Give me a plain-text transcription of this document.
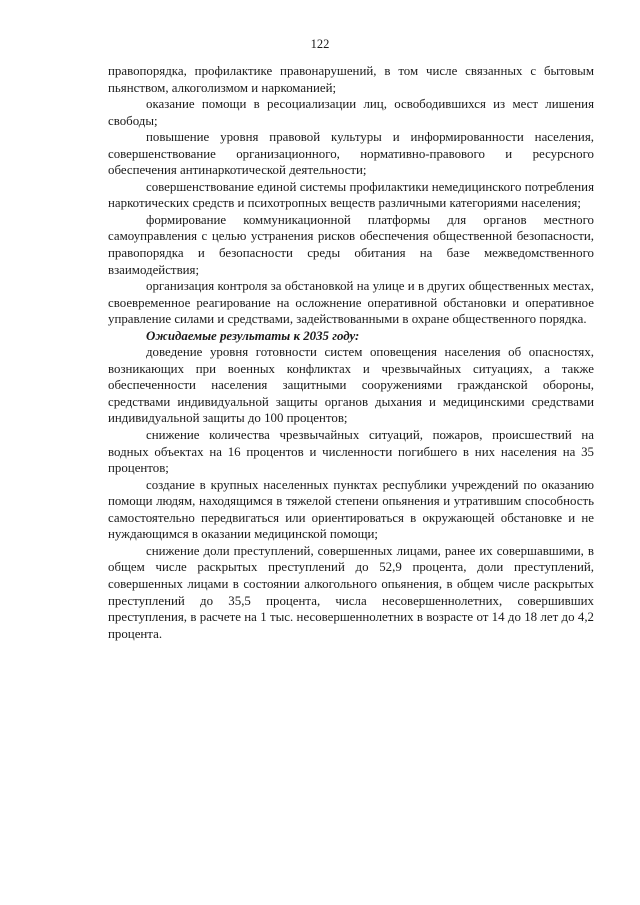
122

правопорядка, профилактике правонарушений, в том числе связанных с бытовым пьянством, алкоголизмом и наркоманией;

оказание помощи в ресоциализации лиц, освободившихся из мест лишения свободы;

повышение уровня правовой культуры и информированности населения, совершенствование организационного, нормативно-правового и ресурсного обеспечения антинаркотической деятельности;

совершенствование единой системы профилактики немедицинского потребления наркотических средств и психотропных веществ различными категориями населения;

формирование коммуникационной платформы для органов местного самоуправления с целью устранения рисков обеспечения общественной безопасности, правопорядка и безопасности среды обитания на базе межведомственного взаимодействия;

организация контроля за обстановкой на улице и в других общественных местах, своевременное реагирование на осложнение оперативной обстановки и оперативное управление силами и средствами, задействованными в охране общественного порядка.

Ожидаемые результаты к 2035 году:

доведение уровня готовности систем оповещения населения об опасностях, возникающих при военных конфликтах и чрезвычайных ситуациях, а также обеспеченности населения защитными сооружениями гражданской обороны, средствами индивидуальной защиты органов дыхания и медицинскими средствами индивидуальной защиты до 100 процентов;

снижение количества чрезвычайных ситуаций, пожаров, происшествий на водных объектах на 16 процентов и численности погибшего в них населения на 35 процентов;

создание в крупных населенных пунктах республики учреждений по оказанию помощи людям, находящимся в тяжелой степени опьянения и утратившим способность самостоятельно передвигаться или ориентироваться в окружающей обстановке и не нуждающимся в оказании медицинской помощи;

снижение доли преступлений, совершенных лицами, ранее их совершавшими, в общем числе раскрытых преступлений до 52,9 процента, доли преступлений, совершенных лицами в состоянии алкогольного опьянения, в общем числе раскрытых преступлений до 35,5 процента, числа несовершеннолетних, совершивших преступления, в расчете на 1 тыс. несовершеннолетних в возрасте от 14 до 18 лет до 4,2 процента.
